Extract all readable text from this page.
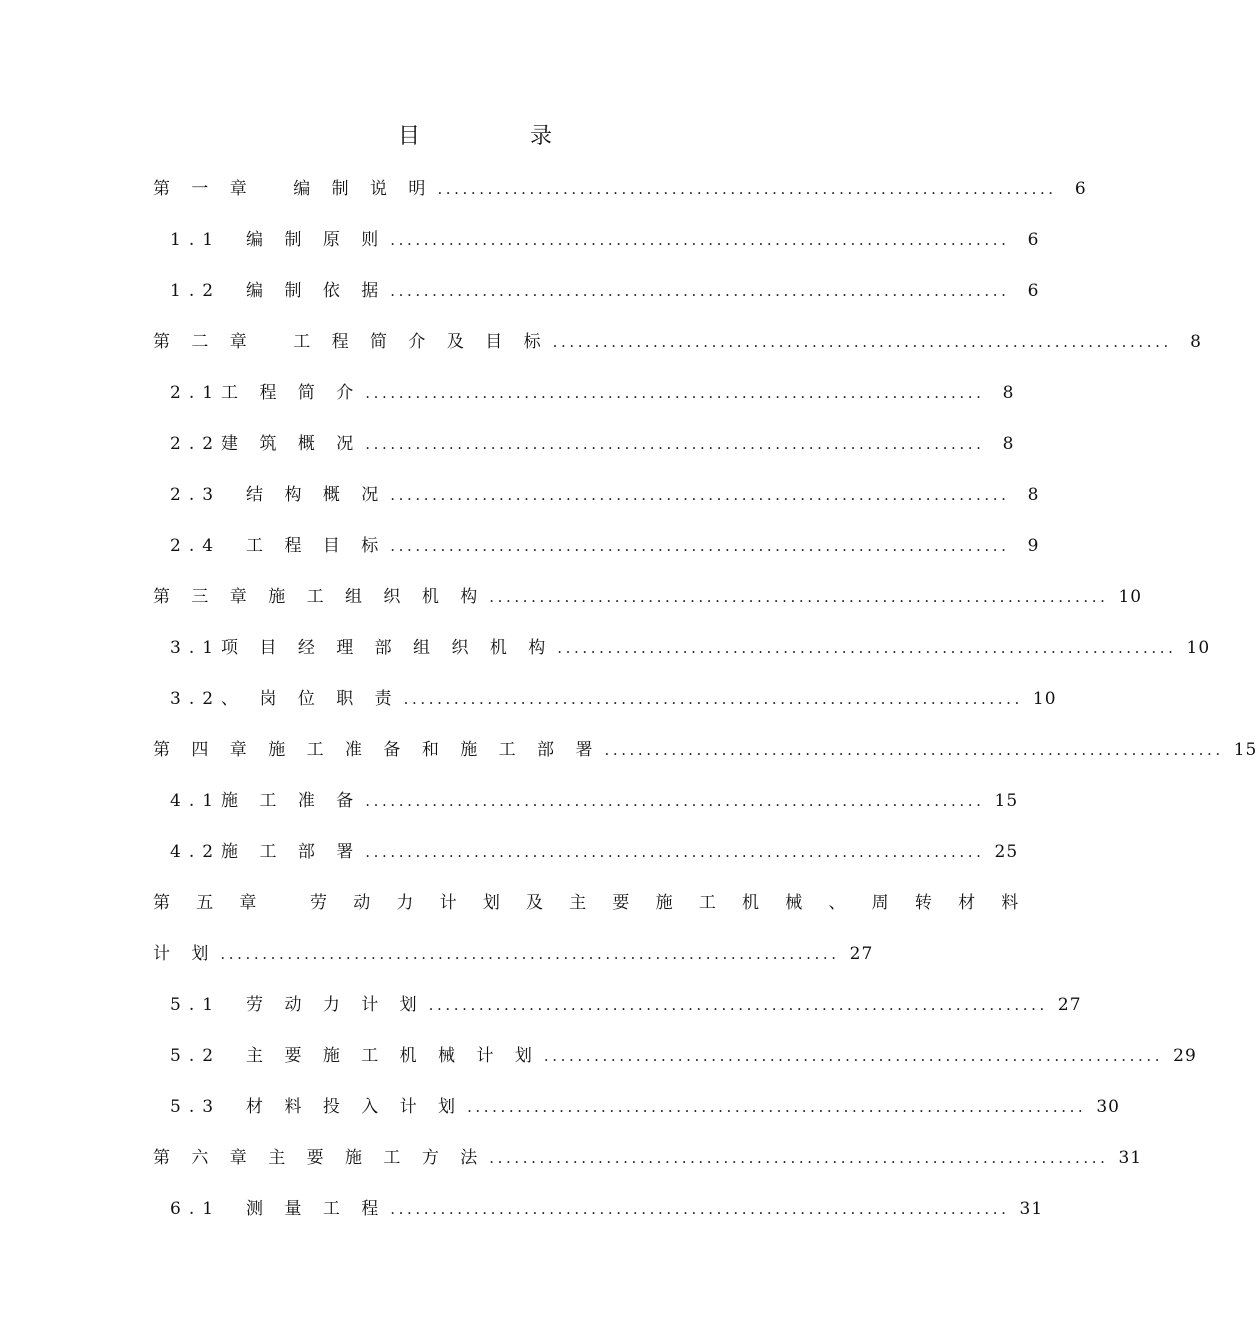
目　录
第 一 章　 编 制 说 明 ..........................................................................	6
1.1　编 制 原 则 ..........................................................................	6
1.2　编 制 依 据 ..........................................................................	6
第 二 章　 工 程 简 介 及 目 标 ..........................................................................	8
2.1工 程 简 介 ..........................................................................	8
2.2建 筑 概 况 ..........................................................................	8
2.3　结 构 概 况 ..........................................................................	8
2.4　工 程 目 标 ..........................................................................	9
第 三 章 施 工 组 织 机 构 .......................................................................... 10
3.1项 目 经 理 部 组 织 机 构 .......................................................................... 10
3.2、 岗 位 职 责 .......................................................................... 10
第 四 章 施 工 准 备 和 施 工 部 署 .......................................................................... 15
4.1施 工 准 备 .......................................................................... 15
4.2施 工 部 署 .......................................................................... 25
第 五 章　 劳 动 力 计 划 及 主 要 施 工 机 械 、 周 转 材 料
计 划 .......................................................................... 27
5.1　劳 动 力 计 划 .......................................................................... 27
5.2　主 要 施 工 机 械 计 划 .......................................................................... 29
5.3　材 料 投 入 计 划 .......................................................................... 30
第 六 章 主 要 施 工 方 法 .......................................................................... 31
6.1　测 量 工 程 .......................................................................... 31
